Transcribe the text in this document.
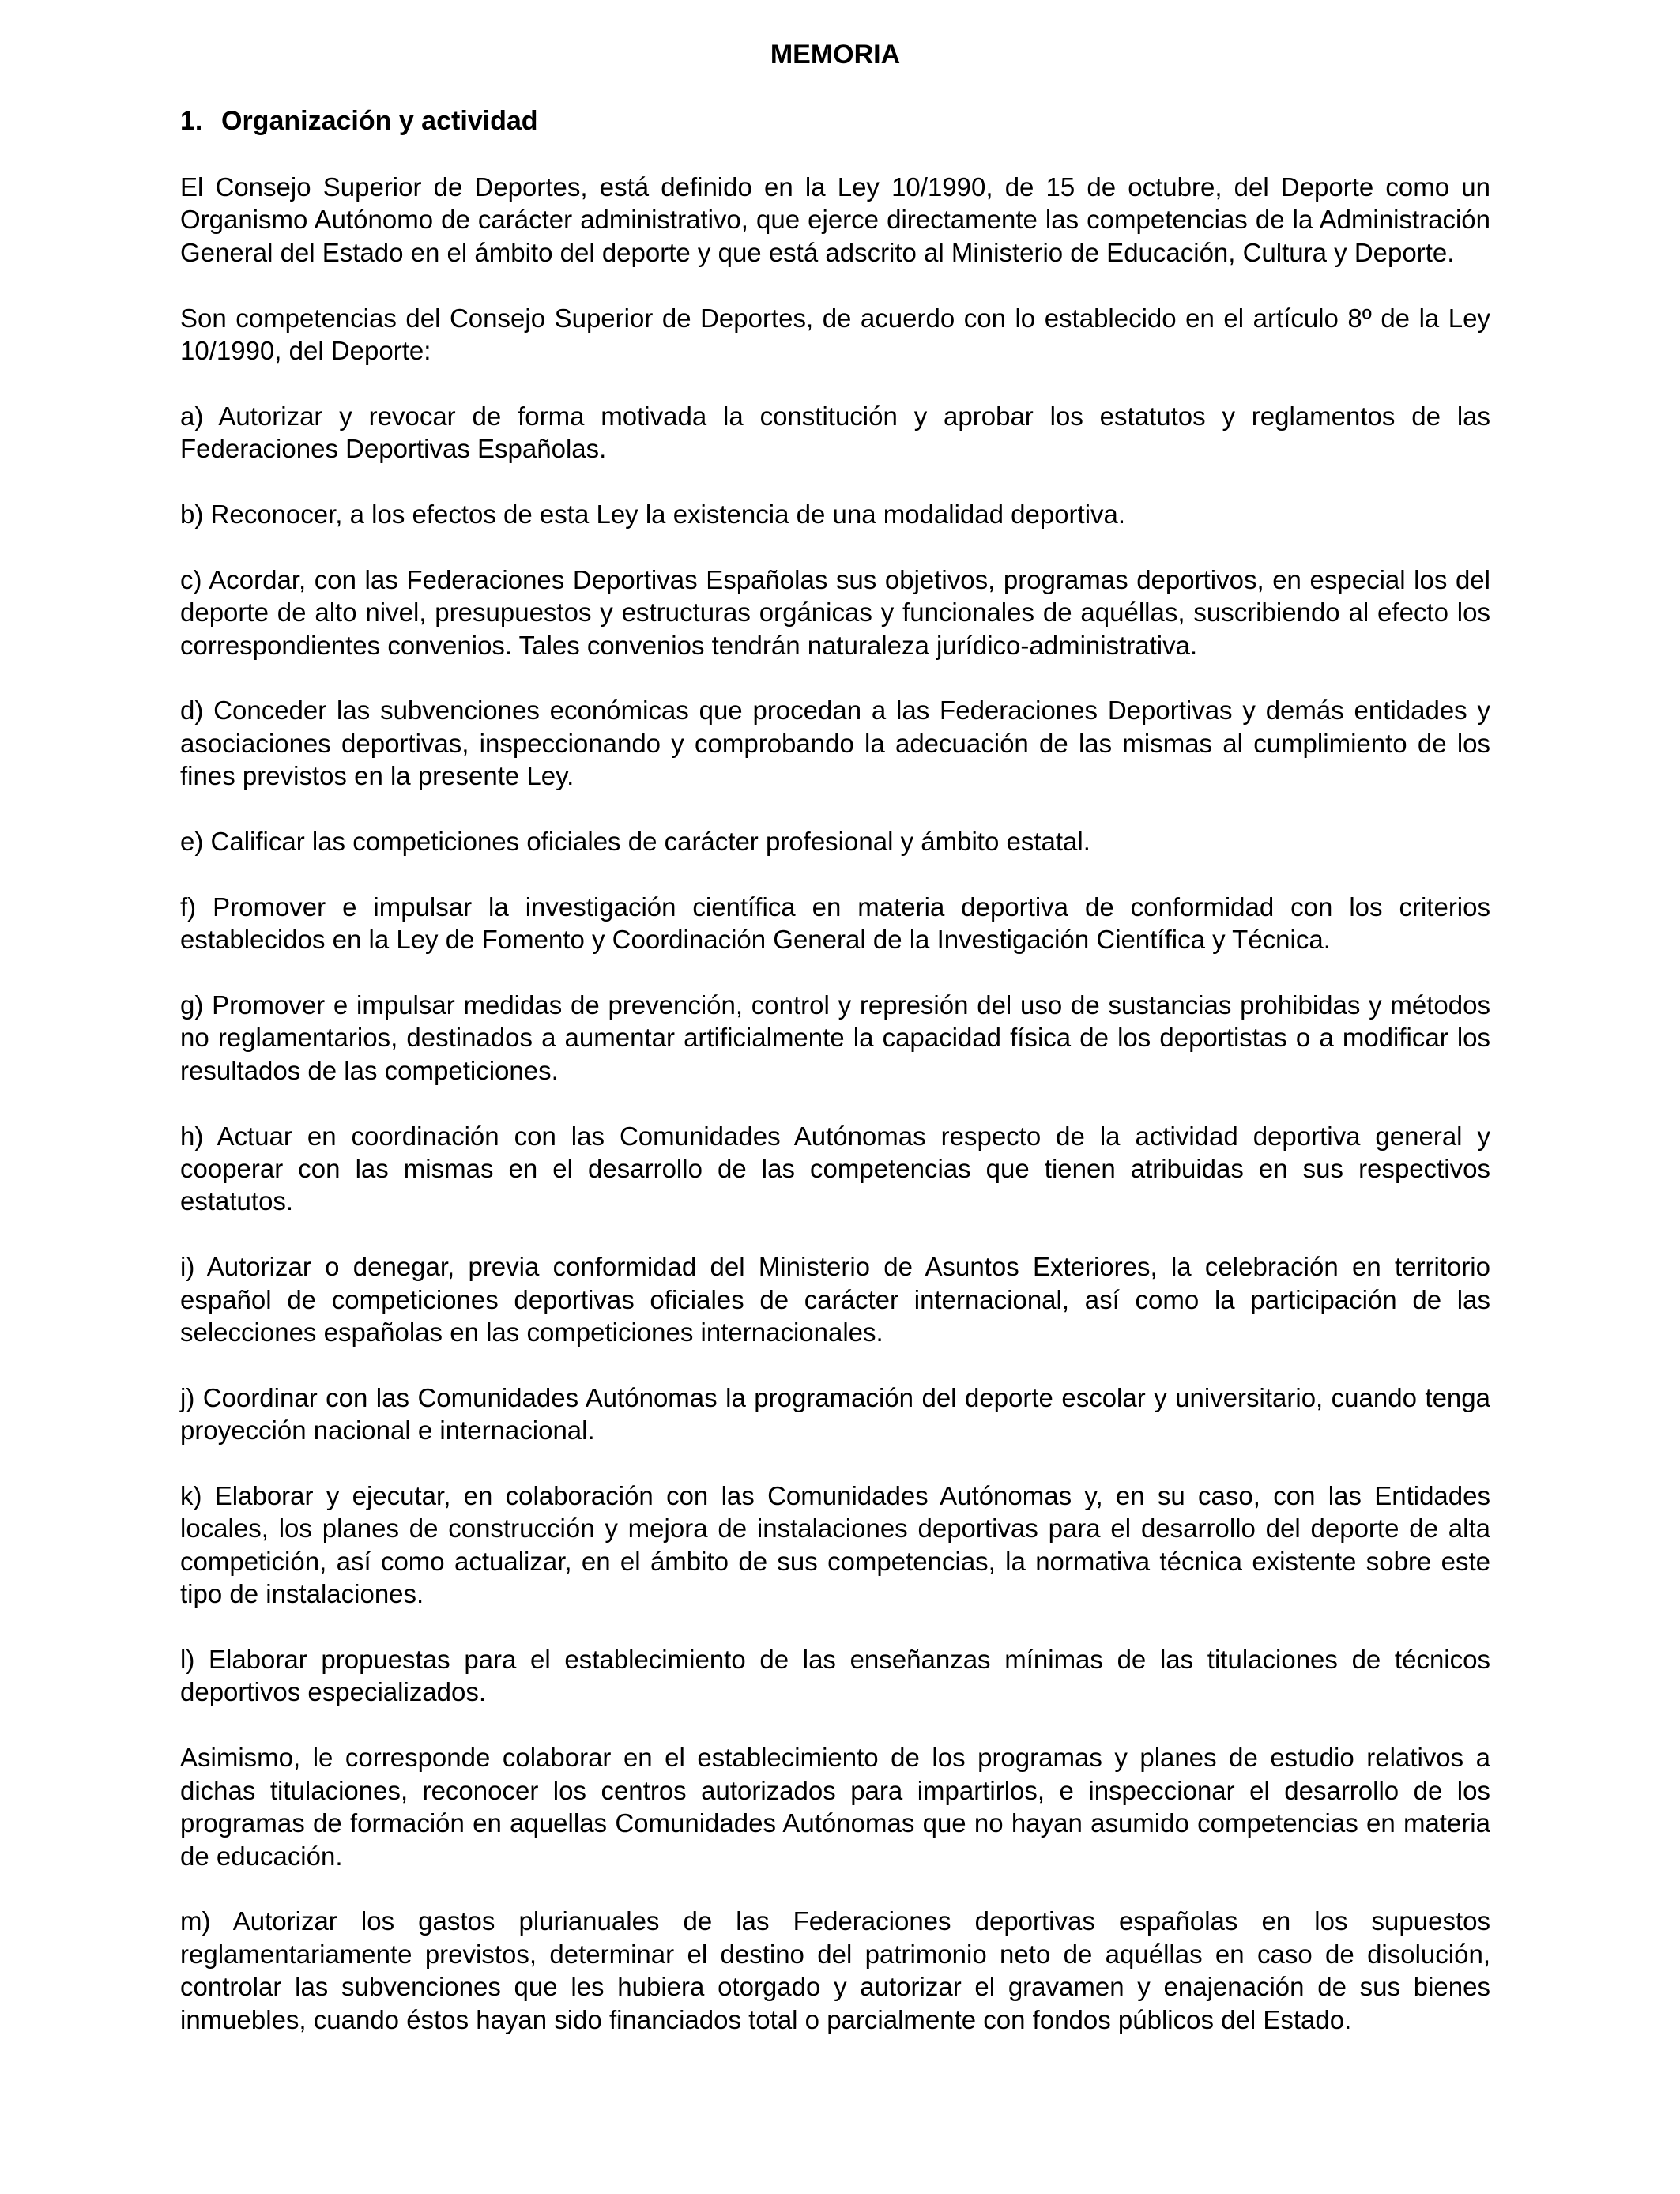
MEMORIA
1. Organización y actividad

El Consejo Superior de Deportes, está definido en la Ley 10/1990, de 15 de octubre, del Deporte como un Organismo Autónomo de carácter administrativo, que ejerce directamente las competencias de la Administración General del Estado en el ámbito del deporte y que está adscrito al Ministerio de Educación, Cultura y Deporte.

Son competencias del Consejo Superior de Deportes, de acuerdo con lo establecido en el artículo 8º de la Ley 10/1990, del Deporte:

a) Autorizar y revocar de forma motivada la constitución y aprobar los estatutos y reglamentos de las Federaciones Deportivas Españolas.

b) Reconocer, a los efectos de esta Ley la existencia de una modalidad deportiva.

c) Acordar, con las Federaciones Deportivas Españolas sus objetivos, programas deportivos, en especial los del deporte de alto nivel, presupuestos y estructuras orgánicas y funcionales de aquéllas, suscribiendo al efecto los correspondientes convenios. Tales convenios tendrán naturaleza jurídico-administrativa.

d) Conceder las subvenciones económicas que procedan a las Federaciones Deportivas y demás entidades y asociaciones deportivas, inspeccionando y comprobando la adecuación de las mismas al cumplimiento de los fines previstos en la presente Ley.

e) Calificar las competiciones oficiales de carácter profesional y ámbito estatal.

f) Promover e impulsar la investigación científica en materia deportiva de conformidad con los criterios establecidos en la Ley de Fomento y Coordinación General de la Investigación Científica y Técnica.

g) Promover e impulsar medidas de prevención, control y represión del uso de sustancias prohibidas y métodos no reglamentarios, destinados a aumentar artificialmente la capacidad física de los deportistas o a modificar los resultados de las competiciones.

h) Actuar en coordinación con las Comunidades Autónomas respecto de la actividad deportiva general y cooperar con las mismas en el desarrollo de las competencias que tienen atribuidas en sus respectivos estatutos.

i) Autorizar o denegar, previa conformidad del Ministerio de Asuntos Exteriores, la celebración en territorio español de competiciones deportivas oficiales de carácter internacional, así como la participación de las selecciones españolas en las competiciones internacionales.

j) Coordinar con las Comunidades Autónomas la programación del deporte escolar y universitario, cuando tenga proyección nacional e internacional.

k) Elaborar y ejecutar, en colaboración con las Comunidades Autónomas y, en su caso, con las Entidades locales, los planes de construcción y mejora de instalaciones deportivas para el desarrollo del deporte de alta competición, así como actualizar, en el ámbito de sus competencias, la normativa técnica existente sobre este tipo de instalaciones.

l) Elaborar propuestas para el establecimiento de las enseñanzas mínimas de las titulaciones de técnicos deportivos especializados.

Asimismo, le corresponde colaborar en el establecimiento de los programas y planes de estudio relativos a dichas titulaciones, reconocer los centros autorizados para impartirlos, e inspeccionar el desarrollo de los programas de formación en aquellas Comunidades Autónomas que no hayan asumido competencias en materia de educación.

m) Autorizar los gastos plurianuales de las Federaciones deportivas españolas en los supuestos reglamentariamente previstos, determinar el destino del patrimonio neto de aquéllas en caso de disolución, controlar las subvenciones que les hubiera otorgado y autorizar el gravamen y enajenación de sus bienes inmuebles, cuando éstos hayan sido financiados total o parcialmente con fondos públicos del Estado.
